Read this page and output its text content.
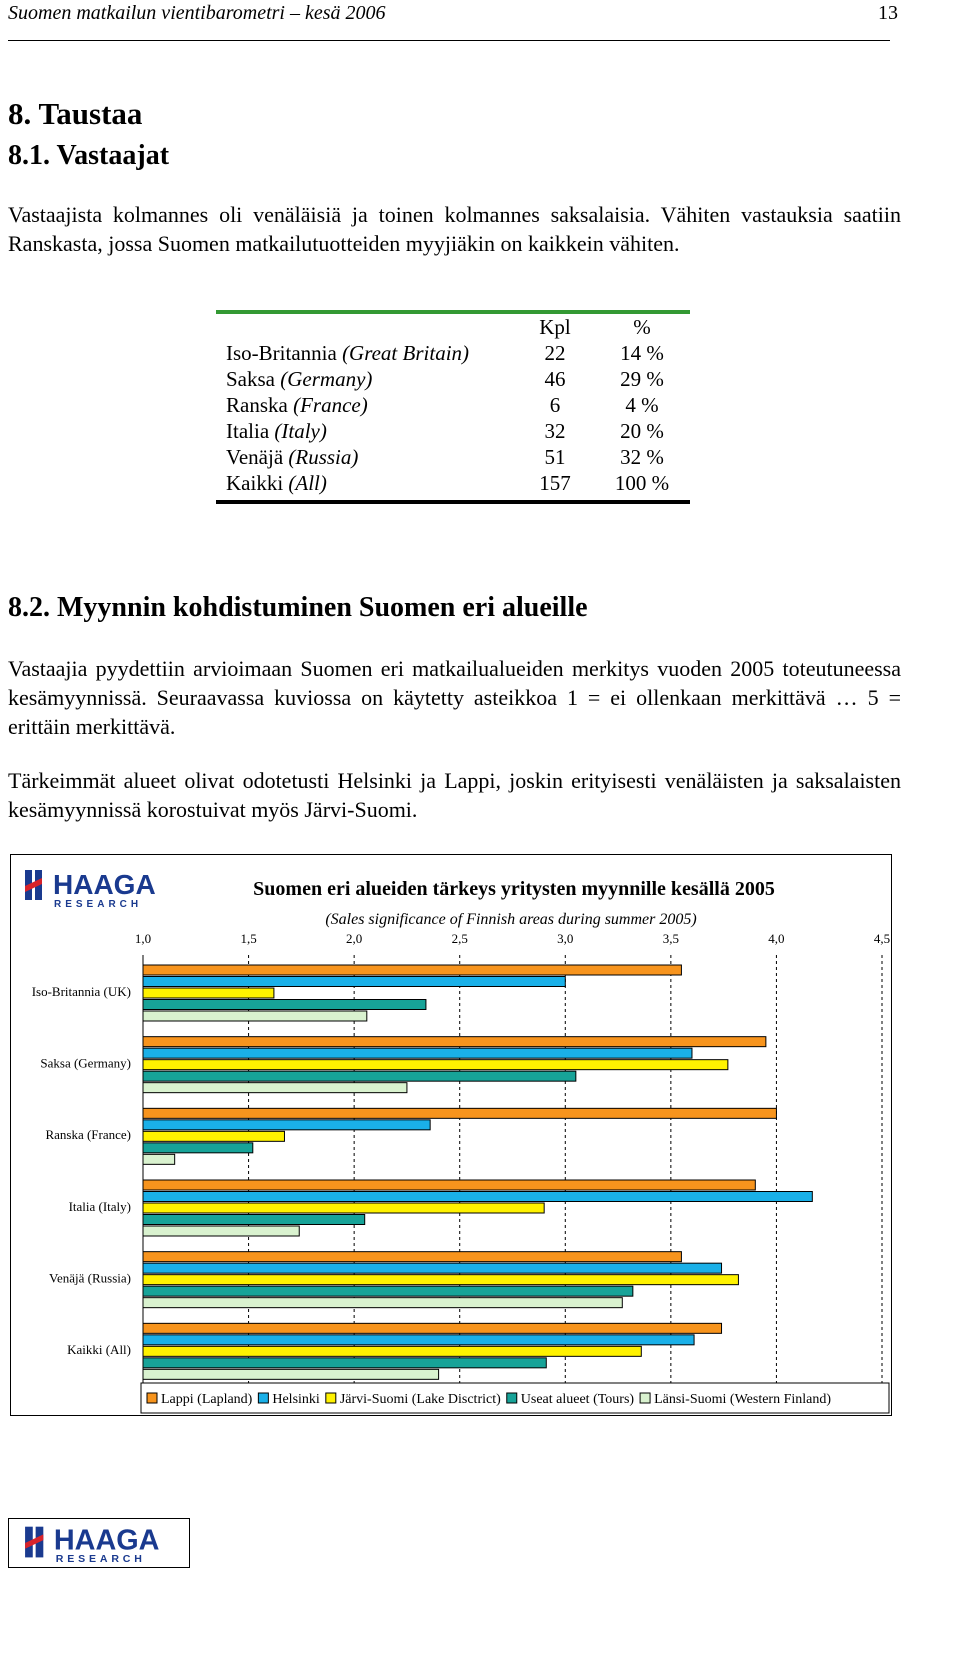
Suomen matkailun vientibarometri – kesä 2006	13
8. Taustaa
8.1. Vastaajat

Vastaajista kolmannes oli venäläisiä ja toinen kolmannes saksalaisia. Vähiten vastauksia saatiin Ranskasta, jossa Suomen matkailutuotteiden myyjiäkin on kaikkein vähiten.

	Kpl	%
Iso-Britannia (Great Britain)	22	14 %
Saksa (Germany)	46	29 %
Ranska (France)	6	4 %
Italia (Italy)	32	20 %
Venäjä (Russia)	51	32 %
Kaikki (All)	157	100 %
8.2. Myynnin kohdistuminen Suomen eri alueille

Vastaajia pyydettiin arvioimaan Suomen eri matkailualueiden merkitys vuoden 2005 toteutuneessa kesämyynnissä. Seuraavassa kuviossa on käytetty asteikkoa 1 = ei ollenkaan merkittävä … 5 = erittäin merkittävä.

Tärkeimmät alueet olivat odotetusti Helsinki ja Lappi, joskin erityisesti venäläisten ja saksalaisten kesämyynnissä korostuivat myös Järvi-Suomi.

Suomen eri alueiden tärkeys yritysten myynnille kesällä 2005
(Sales significance of Finnish areas during summer 2005)
1,0	1,5	2,0	2,5	3,0	3,5	4,0	4,5
Iso-Britannia (UK)
Saksa (Germany)
Ranska (France)
Italia (Italy)
Venäjä (Russia)
Kaikki (All)
Lappi (Lapland) Helsinki Järvi-Suomi (Lake Disctrict) Useat alueet (Tours) Länsi-Suomi (Western Finland)
HAAGA
RESEARCH
HAAGA
RESEARCH
